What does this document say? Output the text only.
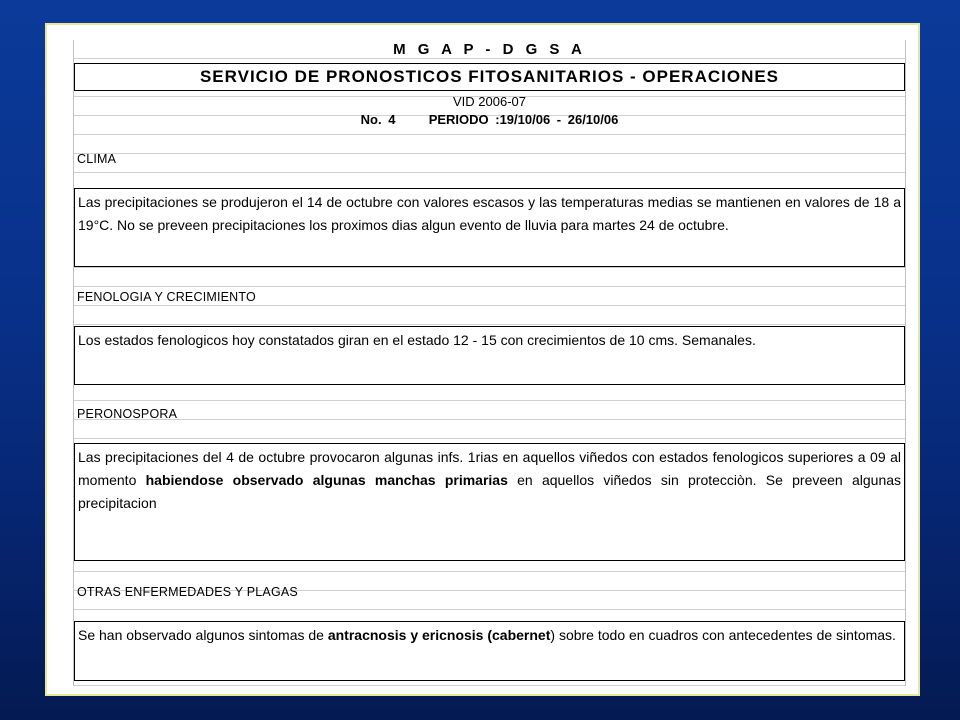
M G A P - D G S A
SERVICIO DE PRONOSTICOS FITOSANITARIOS - OPERACIONES
VID 2006-07
No. 4	PERIODO :19/10/06 - 26/10/06
CLIMA
Las precipitaciones se produjeron el 14 de octubre con valores escasos y las temperaturas medias se mantienen en valores de 18 a 19°C. No se preveen precipitaciones los proximos dias algun evento de lluvia para martes 24 de octubre.
FENOLOGIA Y CRECIMIENTO
Los estados fenologicos hoy constatados giran en el estado 12 - 15 con crecimientos de 10 cms. Semanales.
PERONOSPORA
Las precipitaciones del 4 de octubre provocaron algunas infs. 1rias en aquellos viñedos con estados fenologicos superiores a 09 al momento habiendose observado algunas manchas primarias en aquellos viñedos sin protecciòn. Se preveen algunas precipitacion
OTRAS ENFERMEDADES Y PLAGAS
Se han observado algunos sintomas de antracnosis y ericnosis (cabernet) sobre todo en cuadros con antecedentes de sintomas.
